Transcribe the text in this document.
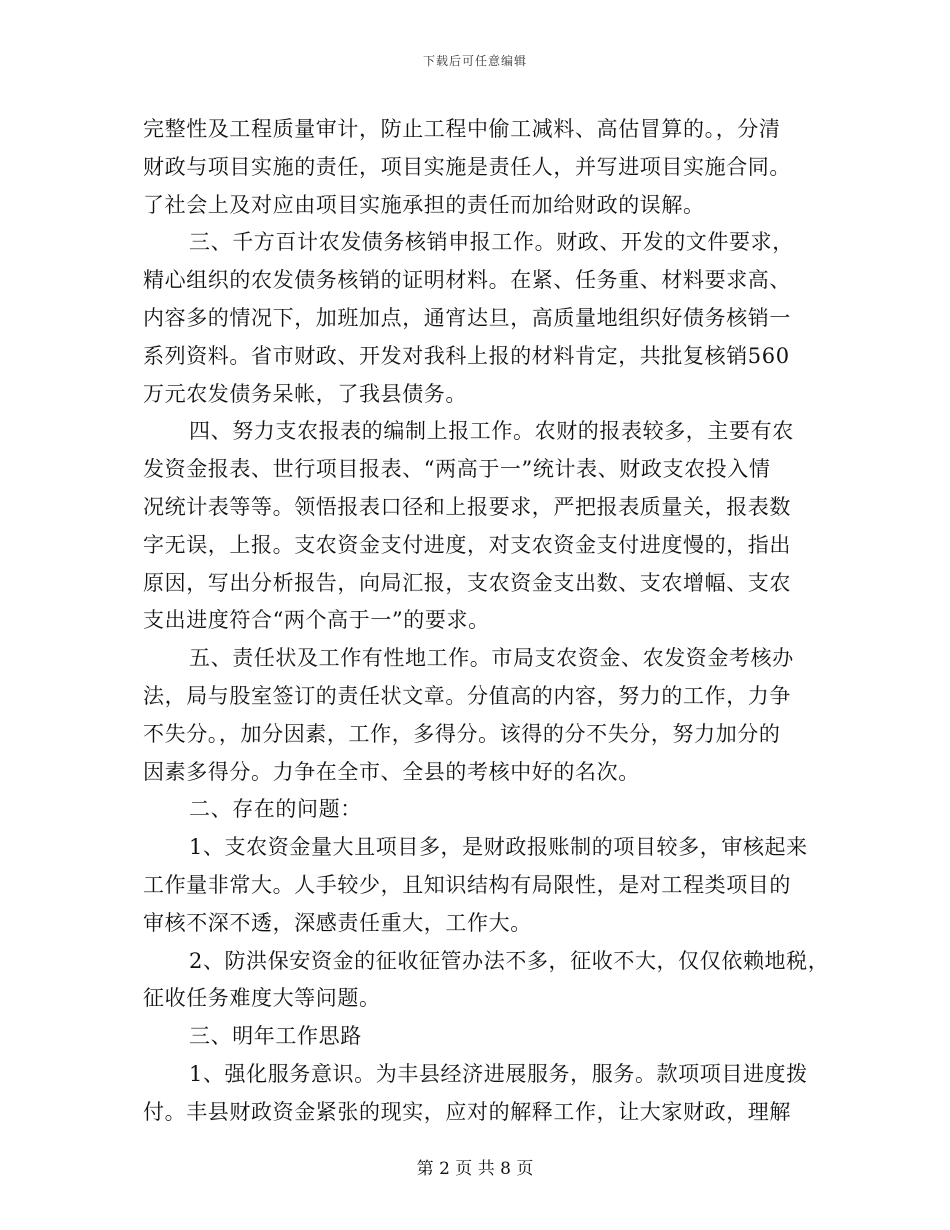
下载后可任意编辑
完整性及工程质量审计，防止工程中偷工减料、高估冒算的。，分清
财政与项目实施的责任，项目实施是责任人，并写进项目实施合同。
了社会上及对应由项目实施承担的责任而加给财政的误解。
三、千方百计农发债务核销申报工作。财政、开发的文件要求，
精心组织的农发债务核销的证明材料。在紧、任务重、材料要求高、
内容多的情况下，加班加点，通宵达旦，高质量地组织好债务核销一
系列资料。省市财政、开发对我科上报的材料肯定，共批复核销560
万元农发债务呆帐，了我县债务。
四、努力支农报表的编制上报工作。农财的报表较多，主要有农
发资金报表、世行项目报表、“两高于一”统计表、财政支农投入情
况统计表等等。领悟报表口径和上报要求，严把报表质量关，报表数
字无误，上报。支农资金支付进度，对支农资金支付进度慢的，指出
原因，写出分析报告，向局汇报，支农资金支出数、支农增幅、支农
支出进度符合“两个高于一”的要求。
五、责任状及工作有性地工作。市局支农资金、农发资金考核办
法，局与股室签订的责任状文章。分值高的内容，努力的工作，力争
不失分。，加分因素，工作，多得分。该得的分不失分，努力加分的
因素多得分。力争在全市、全县的考核中好的名次。
二、存在的问题：
1、支农资金量大且项目多，是财政报账制的项目较多，审核起来
工作量非常大。人手较少，且知识结构有局限性，是对工程类项目的
审核不深不透，深感责任重大，工作大。
2、防洪保安资金的征收征管办法不多，征收不大，仅仅依赖地税，
征收任务难度大等问题。
三、明年工作思路
1、强化服务意识。为丰县经济进展服务，服务。款项项目进度拨
付。丰县财政资金紧张的现实，应对的解释工作，让大家财政，理解
第 2 页 共 8 页
